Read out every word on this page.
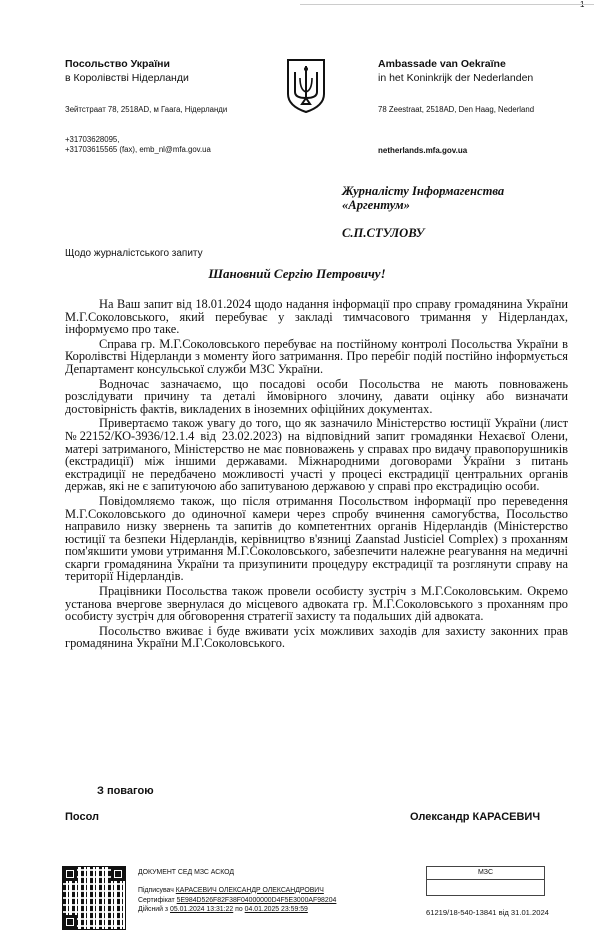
1
Посольство України
в Королівстві Нідерланди
Зейтстраат 78, 2518AD, м Гаага, Нідерланди
+31703628095,
+31703615565 (fax), emb_nl@mfa.gov.ua
Ambassade van Oekraïne
in het Koninkrijk der Nederlanden
78 Zeestraat, 2518AD, Den Haag, Nederland
netherlands.mfa.gov.ua
Журналісту Інформагенства
«Аргентум»
С.П.СТУЛОВУ
Щодо журналістського запиту
Шановний Сергію Петровичу!

На Ваш запит від 18.01.2024 щодо надання інформації про справу громадянина України М.Г.Соколовського, який перебуває у закладі тимчасового тримання у Нідерландах, інформуємо про таке.

Справа гр. М.Г.Соколовського перебуває на постійному контролі Посольства України в Королівстві Нідерланди з моменту його затримання. Про перебіг подій постійно інформується Департамент консульської служби МЗС України.

Водночас зазначаємо, що посадові особи Посольства не мають повноважень розслідувати причину та деталі ймовірного злочину, давати оцінку або визначати достовірність фактів, викладених в іноземних офіційних документах.

Привертаємо також увагу до того, що як зазначило Міністерство юстиції України (лист №22152/КО-3936/12.1.4 від 23.02.2023) на відповідний запит громадянки Нехаєвої Олени, матері затриманого, Міністерство не має повноважень у справах про видачу правопорушників (екстрадиції) між іншими державами. Міжнародними договорами України з питань екстрадиції не передбачено можливості участі у процесі екстрадиції центральних органів держав, які не є запитуючою або запитуваною державою у справі про екстрадицію особи.

Повідомляємо також, що після отримання Посольством інформації про переведення М.Г.Соколовського до одиночної камери через спробу вчинення самогубства, Посольство направило низку звернень та запитів до компетентних органів Нідерландів (Міністерство юстиції та безпеки Нідерландів, керівництво в'язниці Zaanstad Justiciel Complex) з проханням пом'якшити умови утримання М.Г.Соколовського, забезпечити належне реагування на медичні скарги громадянина України та призупинити процедуру екстрадиції та розглянути справу на території Нідерландів.

Працівники Посольства також провели особисту зустріч з М.Г.Соколовським. Окремо установа вчергове звернулася до місцевого адвоката гр. М.Г.Соколовського з проханням про особисту зустріч для обговорення стратегії захисту та подальших дій адвоката.

Посольство вживає і буде вживати усіх можливих заходів для захисту законних прав громадянина України М.Г.Соколовського.

З повагою
Посол	Олександр КАРАСЕВИЧ
ДОКУМЕНТ СЕД МЗС АСКОД
Підписувач КАРАСЕВИЧ ОЛЕКСАНДР ОЛЕКСАНДРОВИЧ
Сертифікат 5E984D526F82F38F04000000D4F5E3000AF98204
Дійсний з 05.01.2024 13:31:22 по 04.01.2025 23:59:59
МЗС
61219/18-540-13841 від 31.01.2024
